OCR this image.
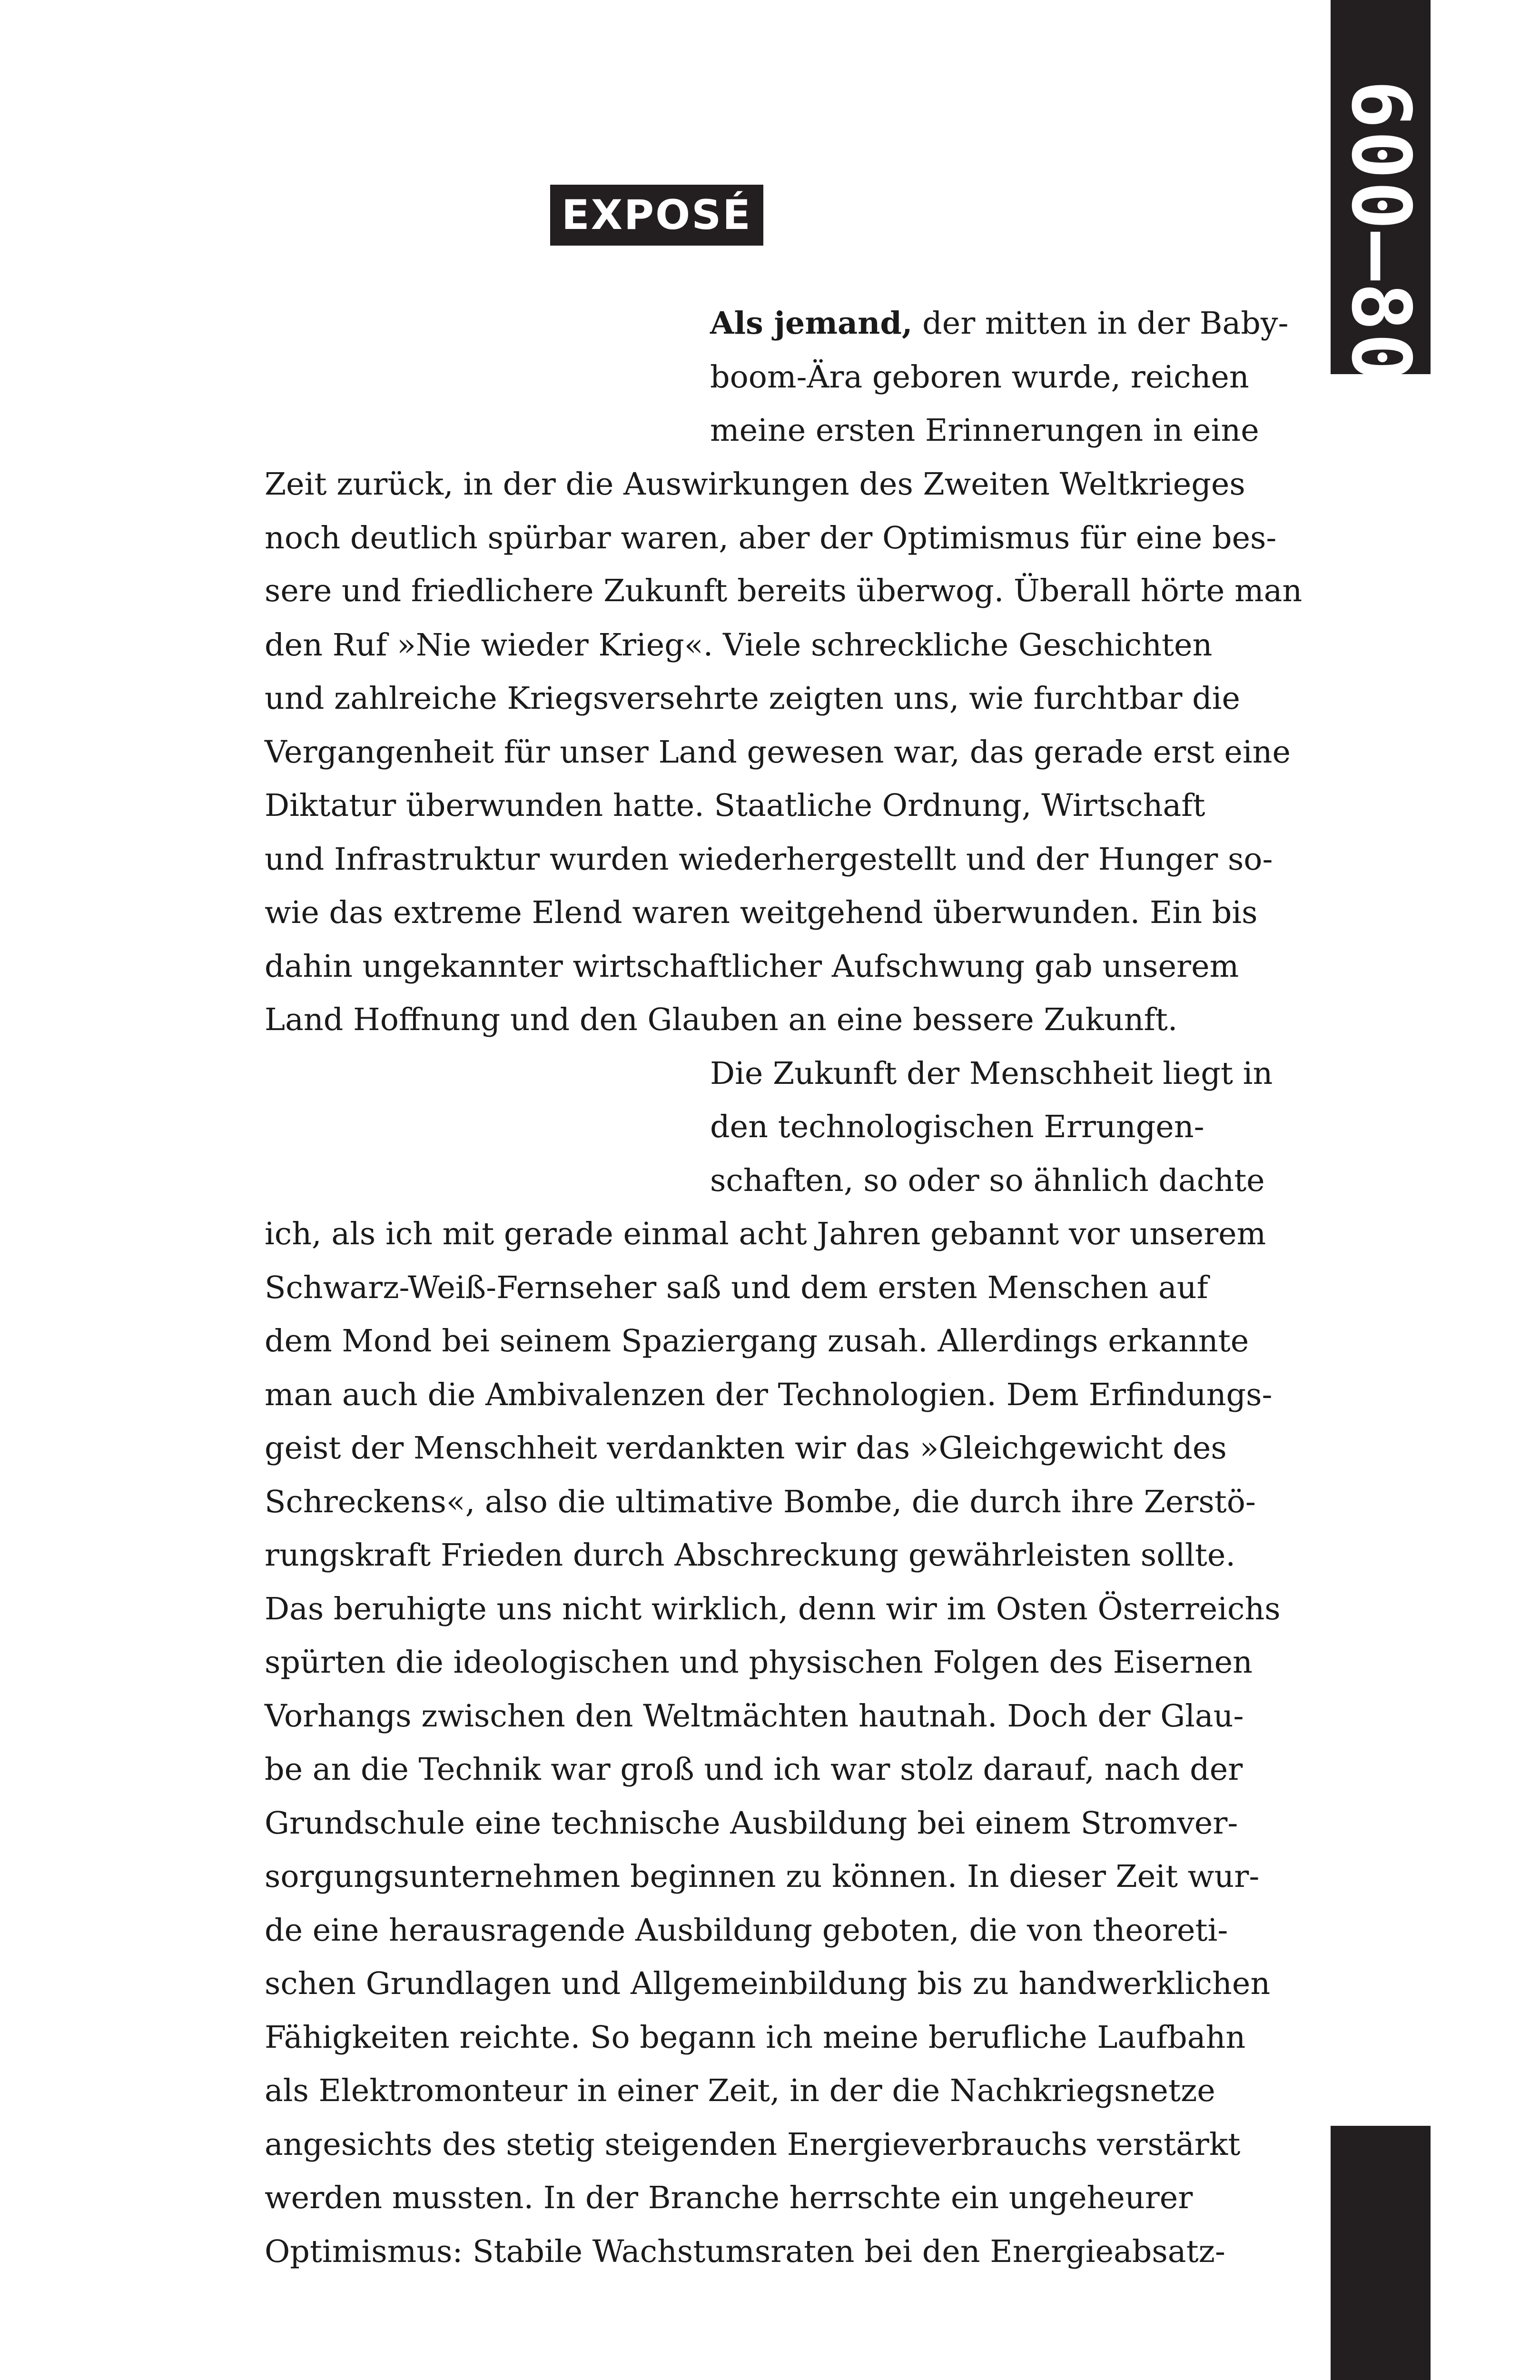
600–800
EXPOSÉ
Als jemand, der mitten in der Baby-
boom-Ära geboren wurde, reichen
meine ersten Erinnerungen in eine
Zeit zurück, in der die Auswirkungen des Zweiten Weltkrieges
noch deutlich spürbar waren, aber der Optimismus für eine bes-
sere und friedlichere Zukunft bereits überwog. Überall hörte man
den Ruf »Nie wieder Krieg«. Viele schreckliche Geschichten
und zahlreiche Kriegsversehrte zeigten uns, wie furchtbar die
Vergangenheit für unser Land gewesen war, das gerade erst eine
Diktatur überwunden hatte. Staatliche Ordnung, Wirtschaft
und Infrastruktur wurden wiederhergestellt und der Hunger so-
wie das extreme Elend waren weitgehend überwunden. Ein bis
dahin ungekannter wirtschaftlicher Aufschwung gab unserem
Land Hoffnung und den Glauben an eine bessere Zukunft.
Die Zukunft der Menschheit liegt in
den technologischen Errungen-
schaften, so oder so ähnlich dachte
ich, als ich mit gerade einmal acht Jahren gebannt vor unserem
Schwarz-Weiß-Fernseher saß und dem ersten Menschen auf
dem Mond bei seinem Spaziergang zusah. Allerdings erkannte
man auch die Ambivalenzen der Technologien. Dem Erfindungs-
geist der Menschheit verdankten wir das »Gleichgewicht des
Schreckens«, also die ultimative Bombe, die durch ihre Zerstö-
rungskraft Frieden durch Abschreckung gewährleisten sollte.
Das beruhigte uns nicht wirklich, denn wir im Osten Österreichs
spürten die ideologischen und physischen Folgen des Eisernen
Vorhangs zwischen den Weltmächten hautnah. Doch der Glau-
be an die Technik war groß und ich war stolz darauf, nach der
Grundschule eine technische Ausbildung bei einem Stromver-
sorgungsunternehmen beginnen zu können. In dieser Zeit wur-
de eine herausragende Ausbildung geboten, die von theoreti-
schen Grundlagen und Allgemeinbildung bis zu handwerklichen
Fähigkeiten reichte. So begann ich meine berufliche Laufbahn
als Elektromonteur in einer Zeit, in der die Nachkriegsnetze
angesichts des stetig steigenden Energieverbrauchs verstärkt
werden mussten. In der Branche herrschte ein ungeheurer
Optimismus: Stabile Wachstumsraten bei den Energieabsatz-
